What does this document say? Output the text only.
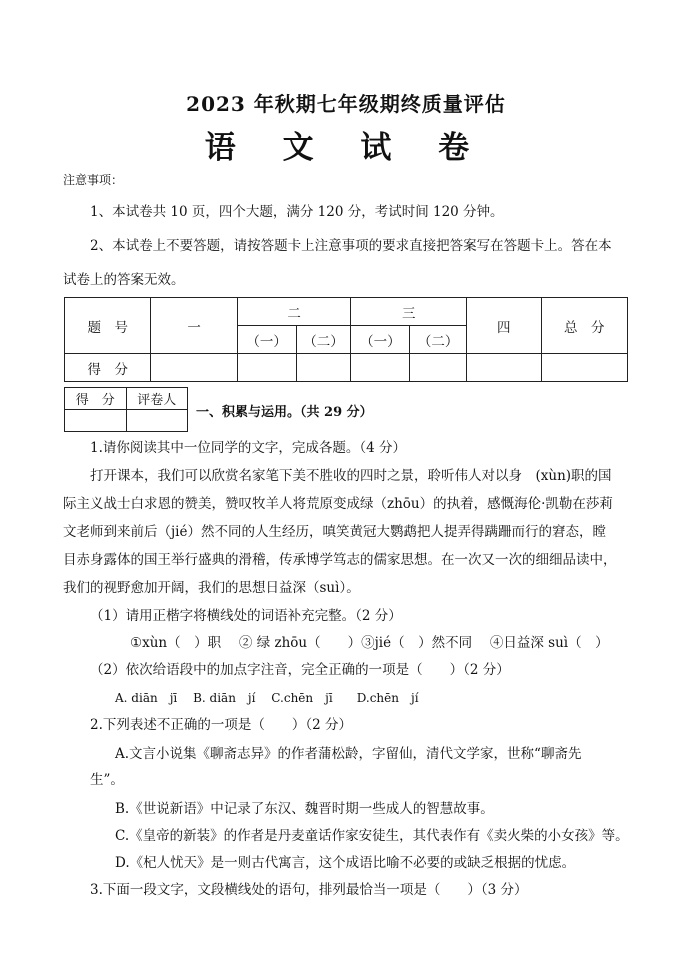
2023 年秋期七年级期终质量评估
语 文 试 卷
注意事项：
1、本试卷共 10 页，四个大题，满分 120 分，考试时间 120 分钟。
2、本试卷上不要答题，请按答题卡上注意事项的要求直接把答案写在答题卡上。答在本
试卷上的答案无效。
题　号	一	二		三		四	总　分
		（一）	（二）	（一）	（二）		
得　分							
得　分	评卷人

一、积累与运用。（共 29 分）
1.请你阅读其中一位同学的文字，完成各题。（4 分）
打开课本，我们可以欣赏名家笔下美不胜收的四时之景，聆听伟人对以身　(xùn)职的国
际主义战士白求恩的赞美，赞叹牧羊人将荒原变成绿（zhōu）的执着，感慨海伦·凯勒在莎莉
文老师到来前后（jié）然不同的人生经历，嗔笑黄冠大鹦鹉把人提弄得蹒跚而行的窘态，瞠
目赤身露体的国王举行盛典的滑稽，传承博学笃志的儒家思想。在一次又一次的细细品读中，
我们的视野愈加开阔，我们的思想日益深（suì）。
（1）请用正楷字将横线处的词语补充完整。（2 分）
①xùn（　）职　 ② 绿 zhōu（　　）③jié（　）然不同　 ④日益深 suì（　）
（2）依次给语段中的加点字注音，完全正确的一项是（　　）（2 分）
A. diān　jī　 B. diān　jí　 C.chēn　jī　　D.chēn　jí
2.下列表述不正确的一项是（　　）（2 分）
A.文言小说集《聊斋志异》的作者蒲松龄，字留仙，清代文学家，世称“聊斋先
生”。
B.《世说新语》中记录了东汉、魏晋时期一些成人的智慧故事。
C.《皇帝的新装》的作者是丹麦童话作家安徒生，其代表作有《卖火柴的小女孩》等。
D.《杞人忧天》是一则古代寓言，这个成语比喻不必要的或缺乏根据的忧虑。
3.下面一段文字，文段横线处的语句，排列最恰当一项是（　　）（3 分）
